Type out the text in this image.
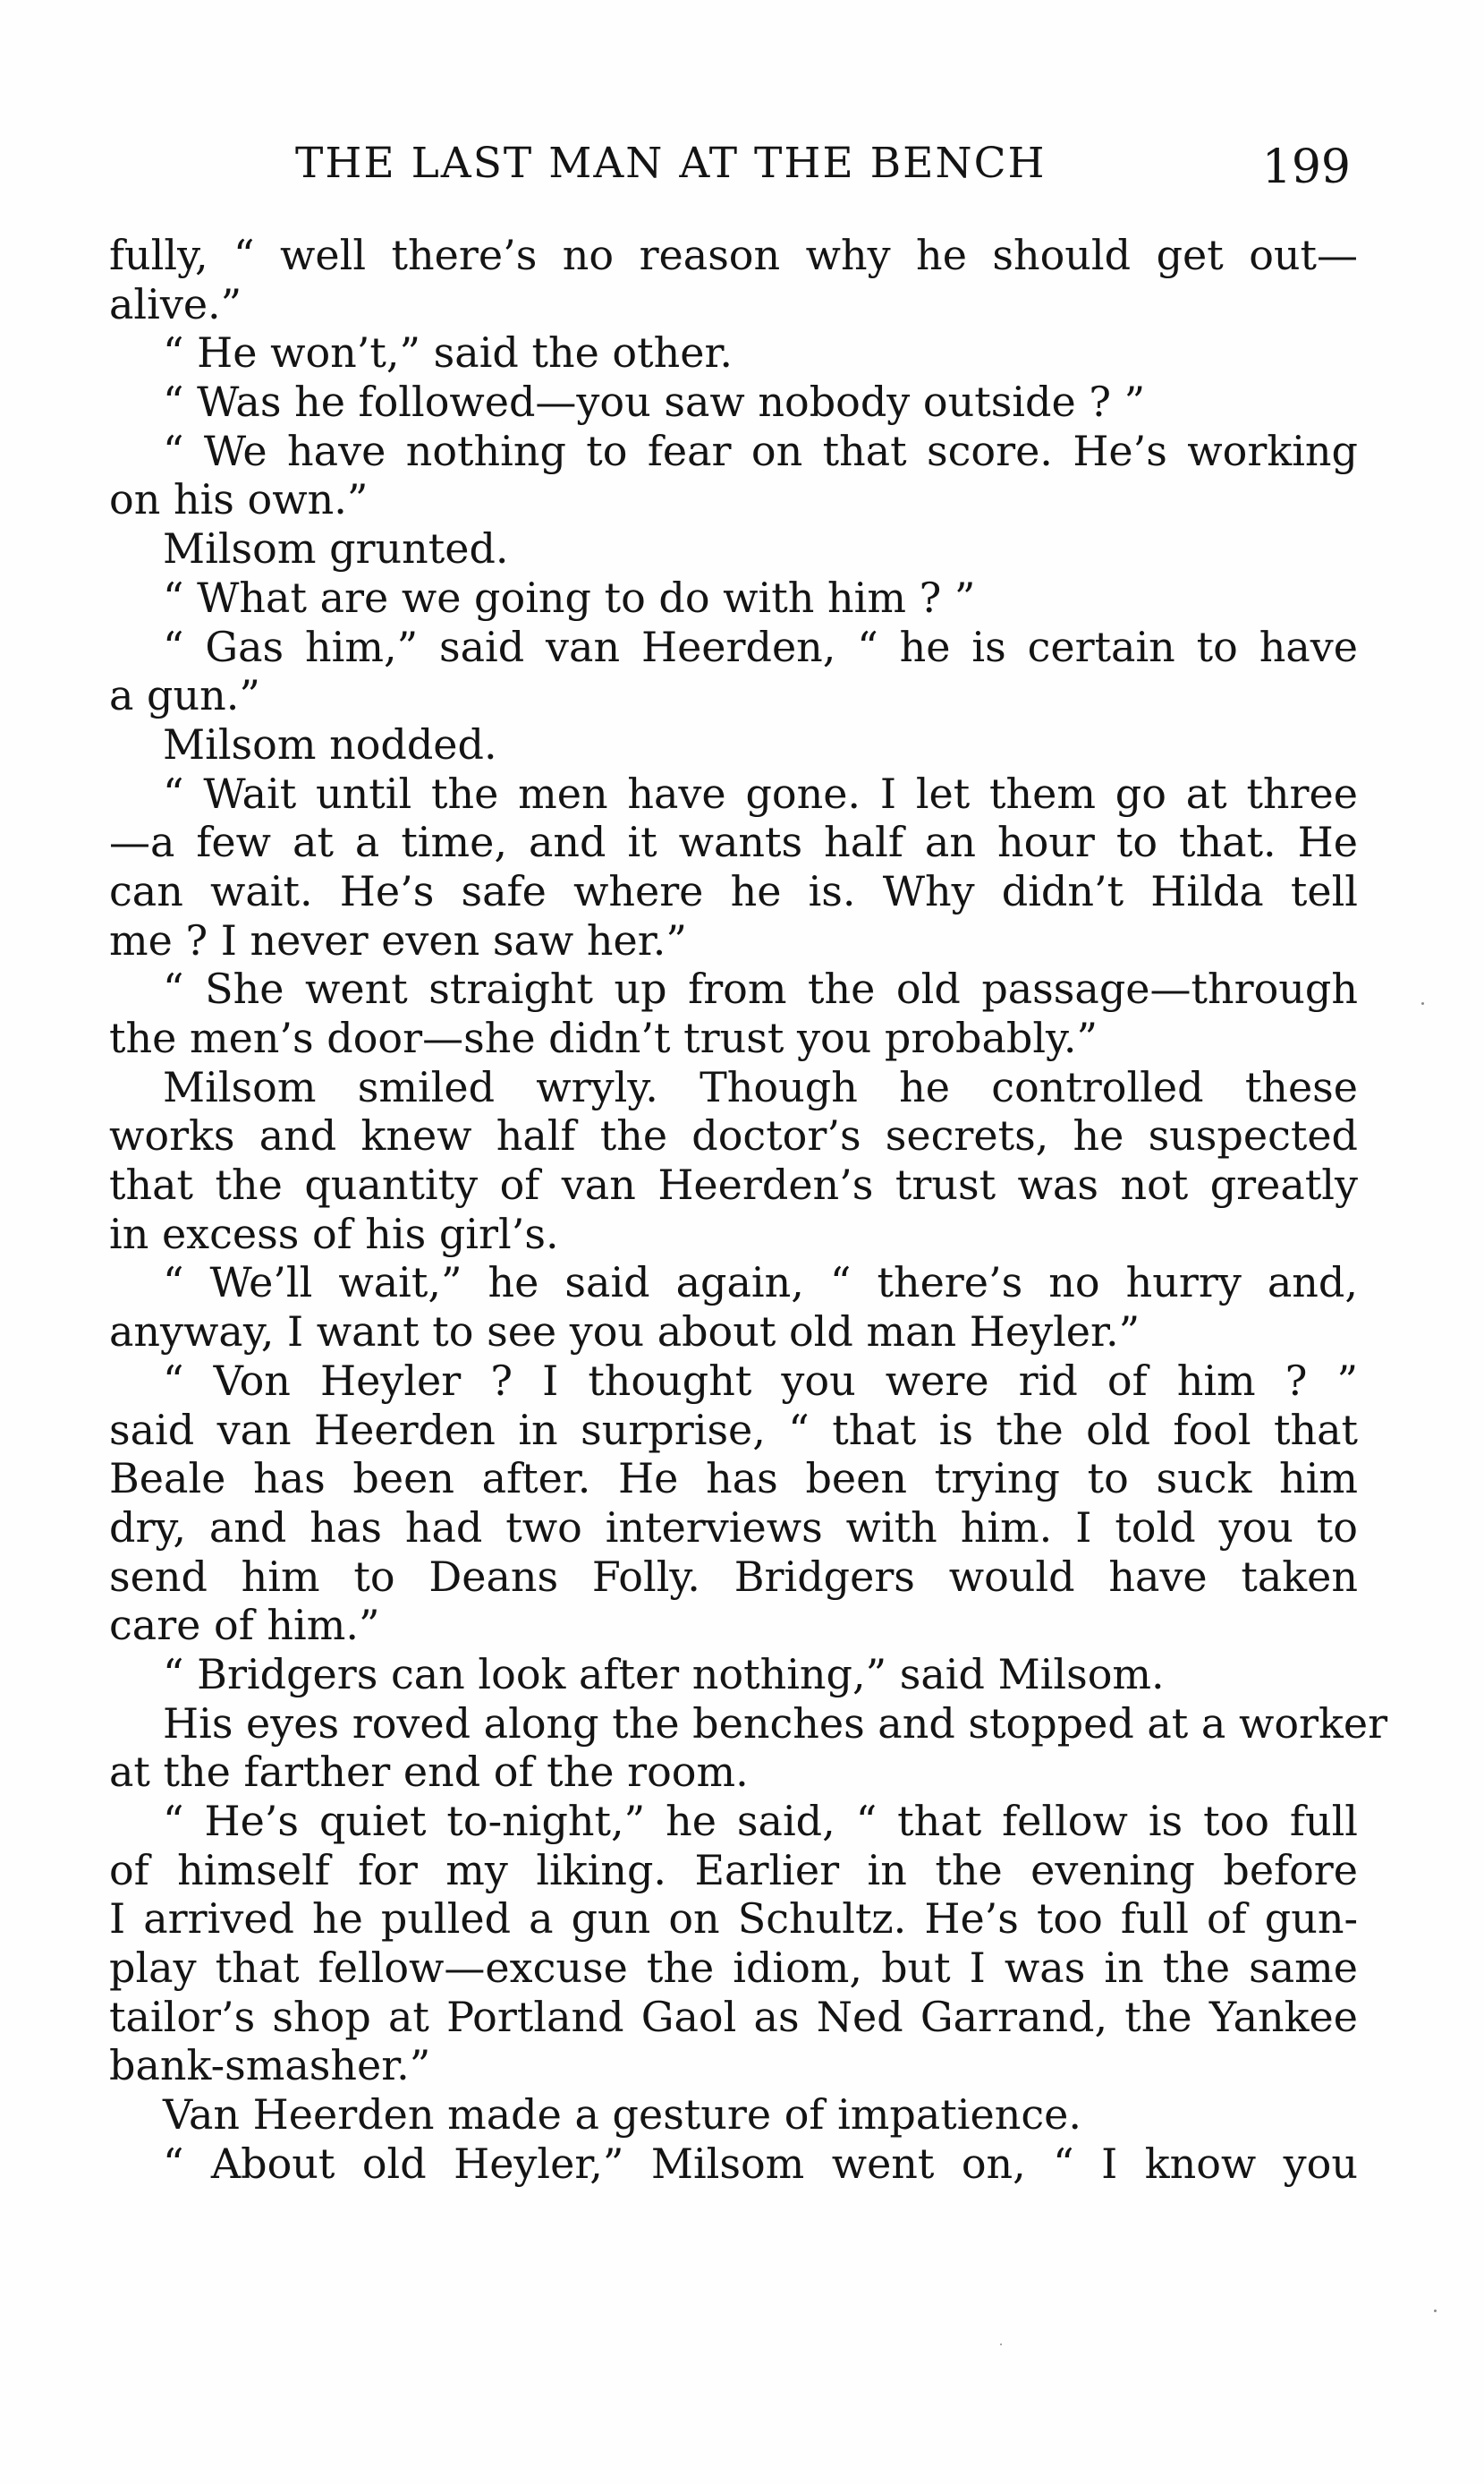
THE LAST MAN AT THE BENCH	199
fully, “ well there’s no reason why he should get out—
alive.”
“ He won’t,” said the other.
“ Was he followed—you saw nobody outside ? ”
“ We have nothing to fear on that score. He’s working
on his own.”
Milsom grunted.
“ What are we going to do with him ? ”
“ Gas him,” said van Heerden, “ he is certain to have
a gun.”
Milsom nodded.
“ Wait until the men have gone. I let them go at three
—a few at a time, and it wants half an hour to that. He
can wait. He’s safe where he is. Why didn’t Hilda tell
me ? I never even saw her.”
“ She went straight up from the old passage—through
the men’s door—she didn’t trust you probably.”
Milsom smiled wryly. Though he controlled these
works and knew half the doctor’s secrets, he suspected
that the quantity of van Heerden’s trust was not greatly
in excess of his girl’s.
“ We’ll wait,” he said again, “ there’s no hurry and,
anyway, I want to see you about old man Heyler.”
“ Von Heyler ? I thought you were rid of him ? ”
said van Heerden in surprise, “ that is the old fool that
Beale has been after. He has been trying to suck him
dry, and has had two interviews with him. I told you to
send him to Deans Folly. Bridgers would have taken
care of him.”
“ Bridgers can look after nothing,” said Milsom.
His eyes roved along the benches and stopped at a worker
at the farther end of the room.
“ He’s quiet to-night,” he said, “ that fellow is too full
of himself for my liking. Earlier in the evening before
I arrived he pulled a gun on Schultz. He’s too full of gun-
play that fellow—excuse the idiom, but I was in the same
tailor’s shop at Portland Gaol as Ned Garrand, the Yankee
bank-smasher.”
Van Heerden made a gesture of impatience.
“ About old Heyler,” Milsom went on, “ I know you
